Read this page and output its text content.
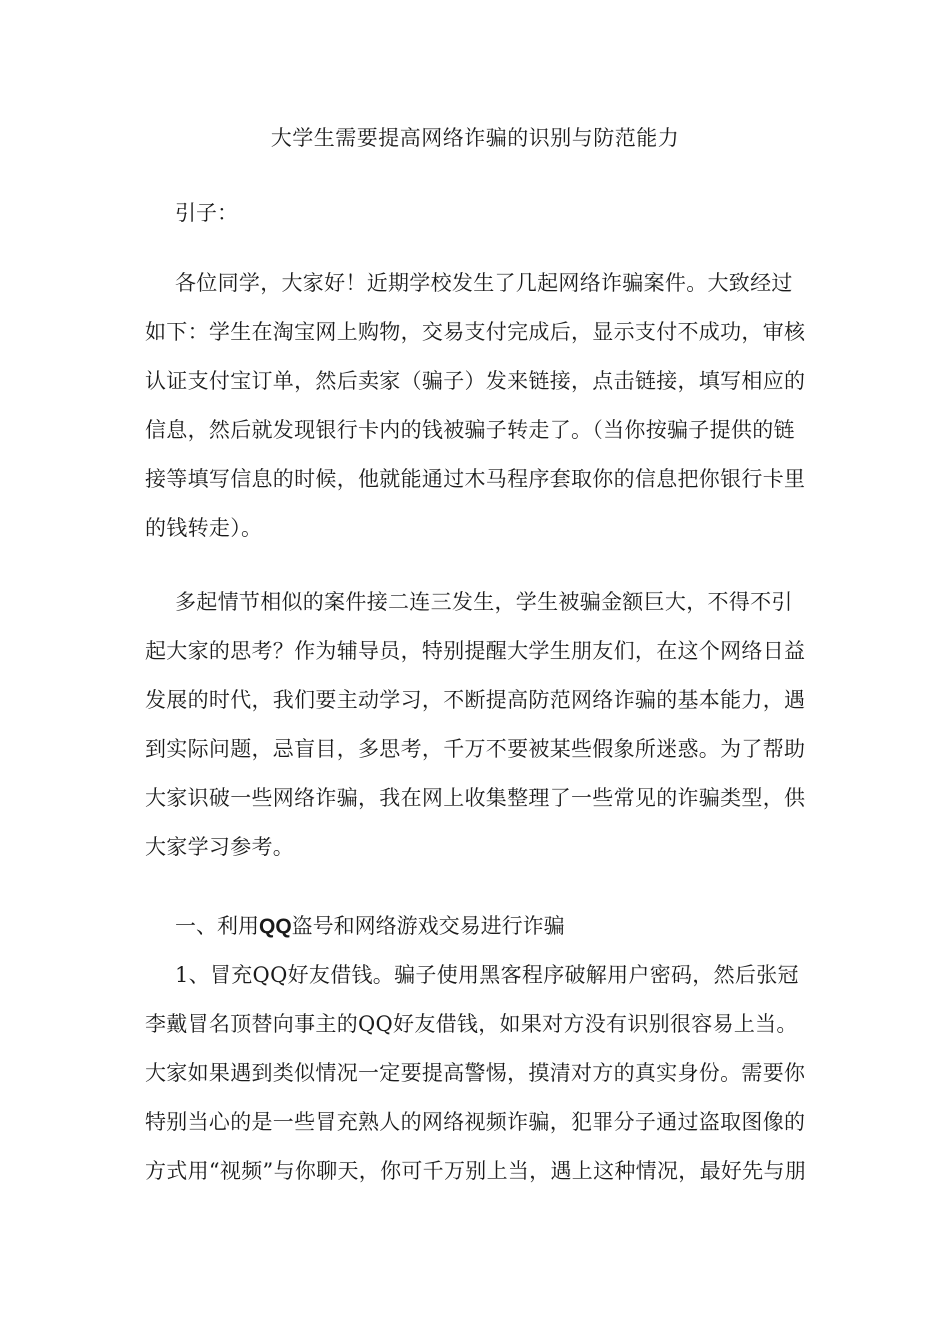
大学生需要提高网络诈骗的识别与防范能力
引子：
各位同学，大家好！近期学校发生了几起网络诈骗案件。大致经过
如下：学生在淘宝网上购物，交易支付完成后，显示支付不成功，审核
认证支付宝订单，然后卖家（骗子）发来链接，点击链接，填写相应的
信息，然后就发现银行卡内的钱被骗子转走了。（当你按骗子提供的链
接等填写信息的时候，他就能通过木马程序套取你的信息把你银行卡里
的钱转走）。
多起情节相似的案件接二连三发生，学生被骗金额巨大，不得不引
起大家的思考？作为辅导员，特别提醒大学生朋友们，在这个网络日益
发展的时代，我们要主动学习，不断提高防范网络诈骗的基本能力，遇
到实际问题，忌盲目，多思考，千万不要被某些假象所迷惑。为了帮助
大家识破一些网络诈骗，我在网上收集整理了一些常见的诈骗类型，供
大家学习参考。
一、利用QQ盗号和网络游戏交易进行诈骗
1、冒充QQ好友借钱。骗子使用黑客程序破解用户密码，然后张冠
李戴冒名顶替向事主的QQ好友借钱，如果对方没有识别很容易上当。
大家如果遇到类似情况一定要提高警惕，摸清对方的真实身份。需要你
特别当心的是一些冒充熟人的网络视频诈骗，犯罪分子通过盗取图像的
方式用“视频”与你聊天，你可千万别上当，遇上这种情况，最好先与朋
